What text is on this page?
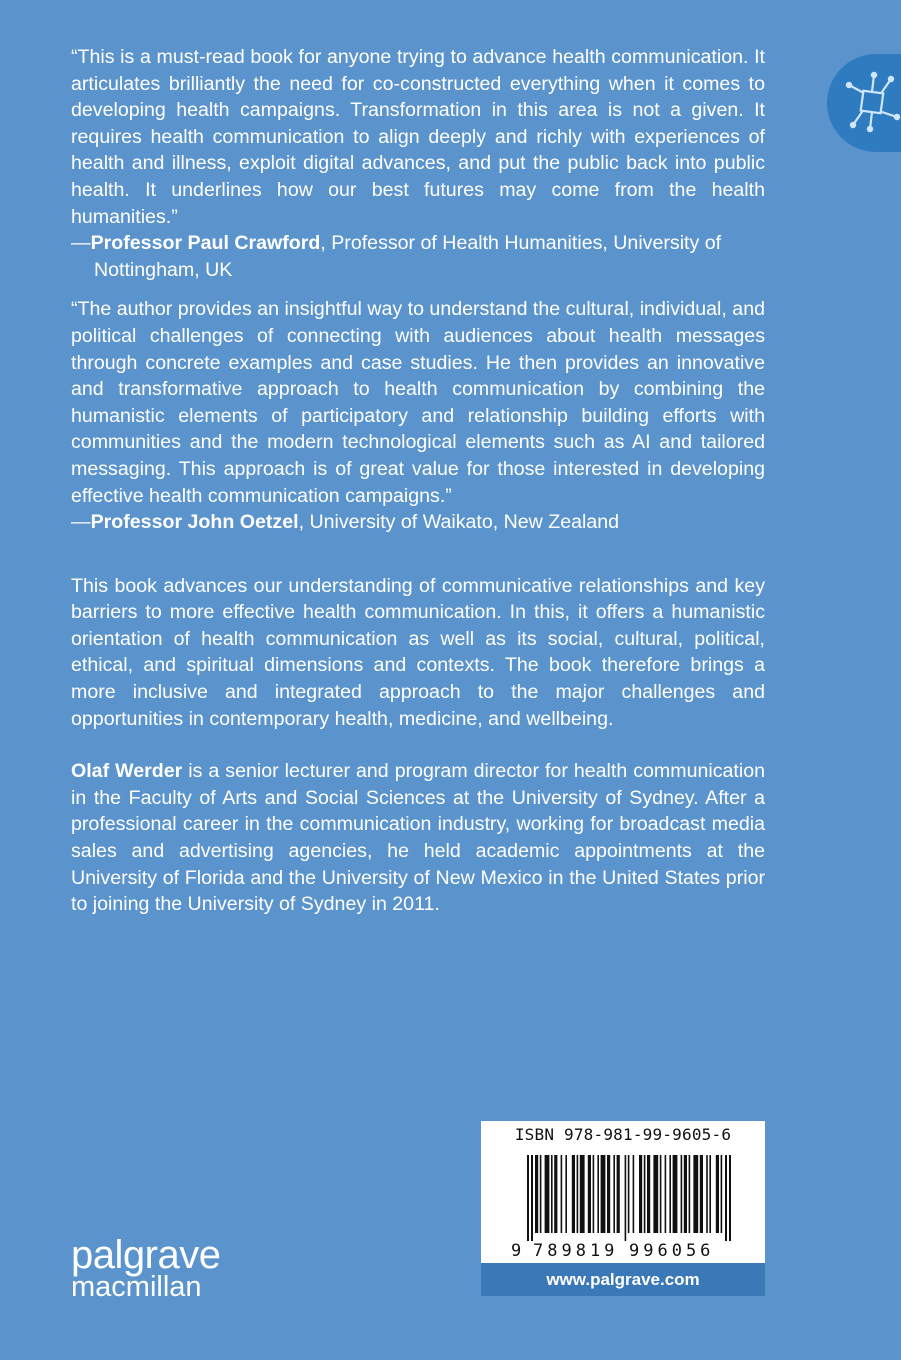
“This is a must-read book for anyone trying to advance health communication. It articulates brilliantly the need for co-constructed everything when it comes to developing health campaigns. Transformation in this area is not a given. It requires health communication to align deeply and richly with experiences of health and illness, exploit digital advances, and put the public back into public health. It underlines how our best futures may come from the health humanities.”

—Professor Paul Crawford, Professor of Health Humanities, University of Nottingham, UK

“The author provides an insightful way to understand the cultural, individual, and political challenges of connecting with audiences about health messages through concrete examples and case studies. He then provides an innovative and transformative approach to health communication by combining the humanistic elements of participatory and relationship building efforts with communities and the modern technological elements such as AI and tailored messaging. This approach is of great value for those interested in developing effective health communication campaigns.”

—Professor John Oetzel, University of Waikato, New Zealand

This book advances our understanding of communicative relationships and key barriers to more effective health communication. In this, it offers a humanistic orientation of health communication as well as its social, cultural, political, ethical, and spiritual dimensions and contexts. The book therefore brings a more inclusive and integrated approach to the major challenges and opportunities in contemporary health, medicine, and wellbeing.

Olaf Werder is a senior lecturer and program director for health communication in the Faculty of Arts and Social Sciences at the University of Sydney. After a professional career in the communication industry, working for broadcast media sales and advertising agencies, he held academic appointments at the University of Florida and the University of New Mexico in the United States prior to joining the University of Sydney in 2011.

ISBN 978-981-99-9605-6
9 789819 996056
www.palgrave.com
palgrave
macmillan
